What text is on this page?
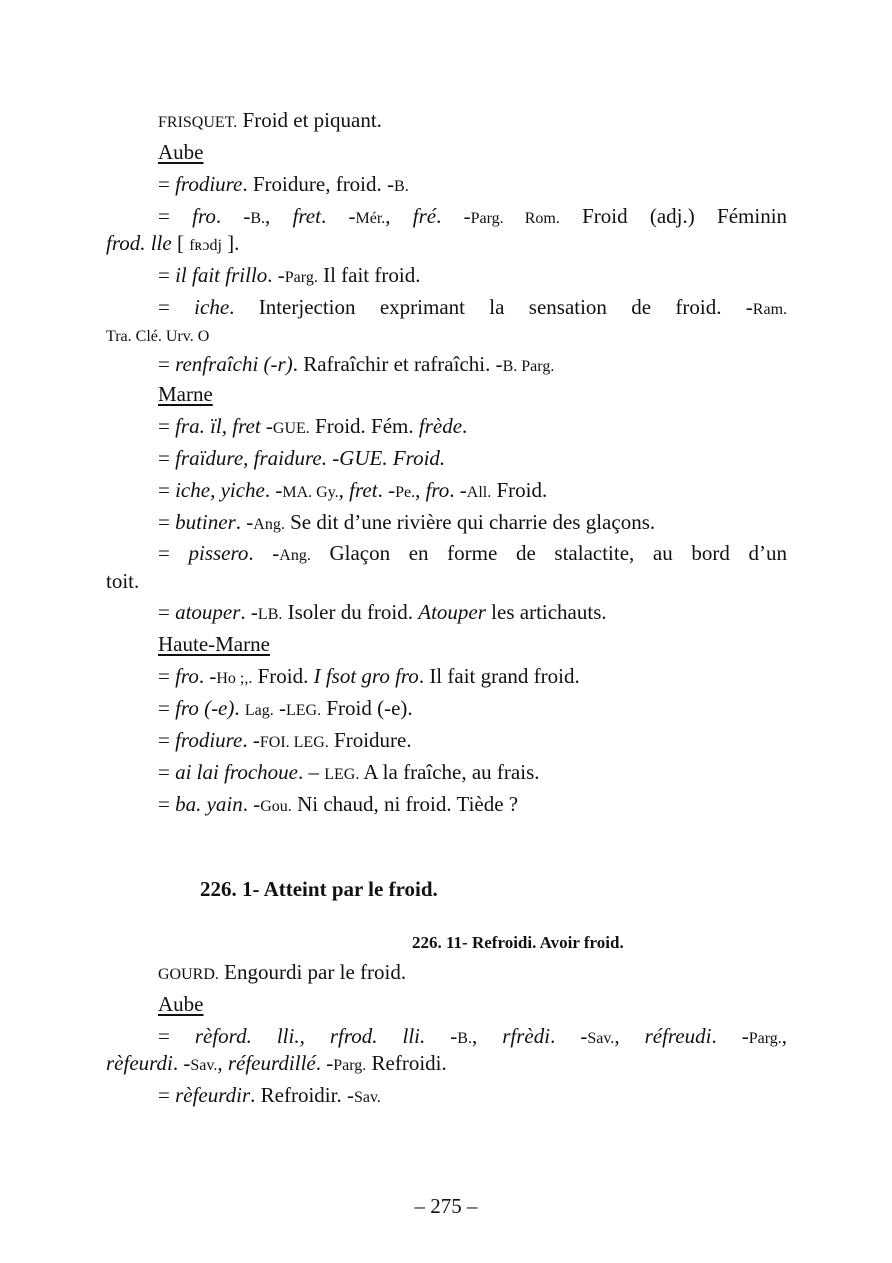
FRISQUET. Froid et piquant.
Aube
= frodiure. Froidure, froid. -B.
= fro. -B., fret. -Mér., fré. -Parg. Rom. Froid (adj.) Féminin
frod. lle [ fʀɔdj ].
= il fait frillo. -Parg. Il fait froid.
= iche. Interjection exprimant la sensation de froid. -Ram.
Tra. Clé. Urv. O
= renfraîchi (-r). Rafraîchir et rafraîchi. -B. Parg.
Marne
= fra. ïl, fret -GUE. Froid. Fém. frède.
= fraïdure, fraidure. -GUE. Froid.
= iche, yiche. -MA. Gy., fret. -Pe., fro. -All. Froid.
= butiner. -Ang. Se dit d’une rivière qui charrie des glaçons.
= pissero. -Ang. Glaçon en forme de stalactite, au bord d’un
toit.
= atouper. -LB. Isoler du froid. Atouper les artichauts.
Haute-Marne
= fro. -Ho ;,. Froid. I fsot gro fro. Il fait grand froid.
= fro (-e). Lag. -LEG. Froid (-e).
= frodiure. -FOI. LEG. Froidure.
= ai lai frochoue. – LEG. A la fraîche, au frais.
= ba. yain. -Gou. Ni chaud, ni froid. Tiède ?
226. 1- Atteint par le froid.
226. 11- Refroidi. Avoir froid.
GOURD. Engourdi par le froid.
Aube
= rèford. lli., rfrod. lli. -B., rfrèdi. -Sav., réfreudi. -Parg.,
rèfeurdi. -Sav., réfeurdillé. -Parg. Refroidi.
= rèfeurdir. Refroidir. -Sav.
– 275 –
